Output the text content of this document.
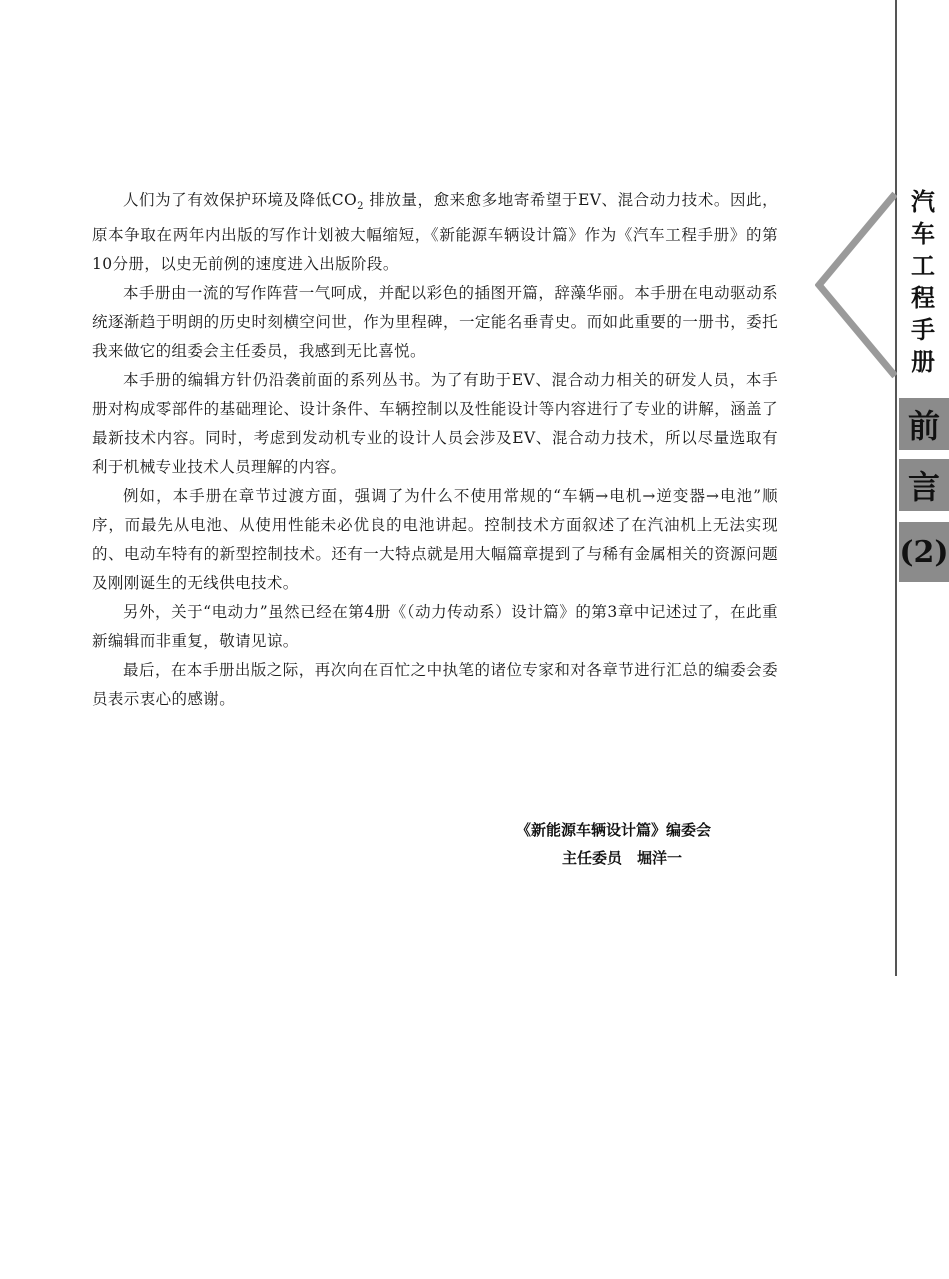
汽
车
工
程
手
册
前
言
(2)

人们为了有效保护环境及降低$CO_2$ 排放量，愈来愈多地寄希望于EV、混合动力技术。因此，原本争取在两年内出版的写作计划被大幅缩短，《新能源车辆设计篇》作为《汽车工程手册》的第10分册，以史无前例的速度进入出版阶段。

本手册由一流的写作阵营一气呵成，并配以彩色的插图开篇，辞藻华丽。本手册在电动驱动系统逐渐趋于明朗的历史时刻横空问世，作为里程碑，一定能名垂青史。而如此重要的一册书，委托我来做它的组委会主任委员，我感到无比喜悦。

本手册的编辑方针仍沿袭前面的系列丛书。为了有助于EV、混合动力相关的研发人员，本手册对构成零部件的基础理论、设计条件、车辆控制以及性能设计等内容进行了专业的讲解，涵盖了最新技术内容。同时，考虑到发动机专业的设计人员会涉及EV、混合动力技术，所以尽量选取有利于机械专业技术人员理解的内容。

例如，本手册在章节过渡方面，强调了为什么不使用常规的“车辆→电机→逆变器→电池”顺序，而最先从电池、从使用性能未必优良的电池讲起。控制技术方面叙述了在汽油机上无法实现的、电动车特有的新型控制技术。还有一大特点就是用大幅篇章提到了与稀有金属相关的资源问题及刚刚诞生的无线供电技术。

另外，关于“电动力”虽然已经在第4册《（动力传动系）设计篇》的第3章中记述过了，在此重新编辑而非重复，敬请见谅。

最后，在本手册出版之际，再次向在百忙之中执笔的诸位专家和对各章节进行汇总的编委会委员表示衷心的感谢。

《新能源车辆设计篇》编委会
主任委员　堀洋一
